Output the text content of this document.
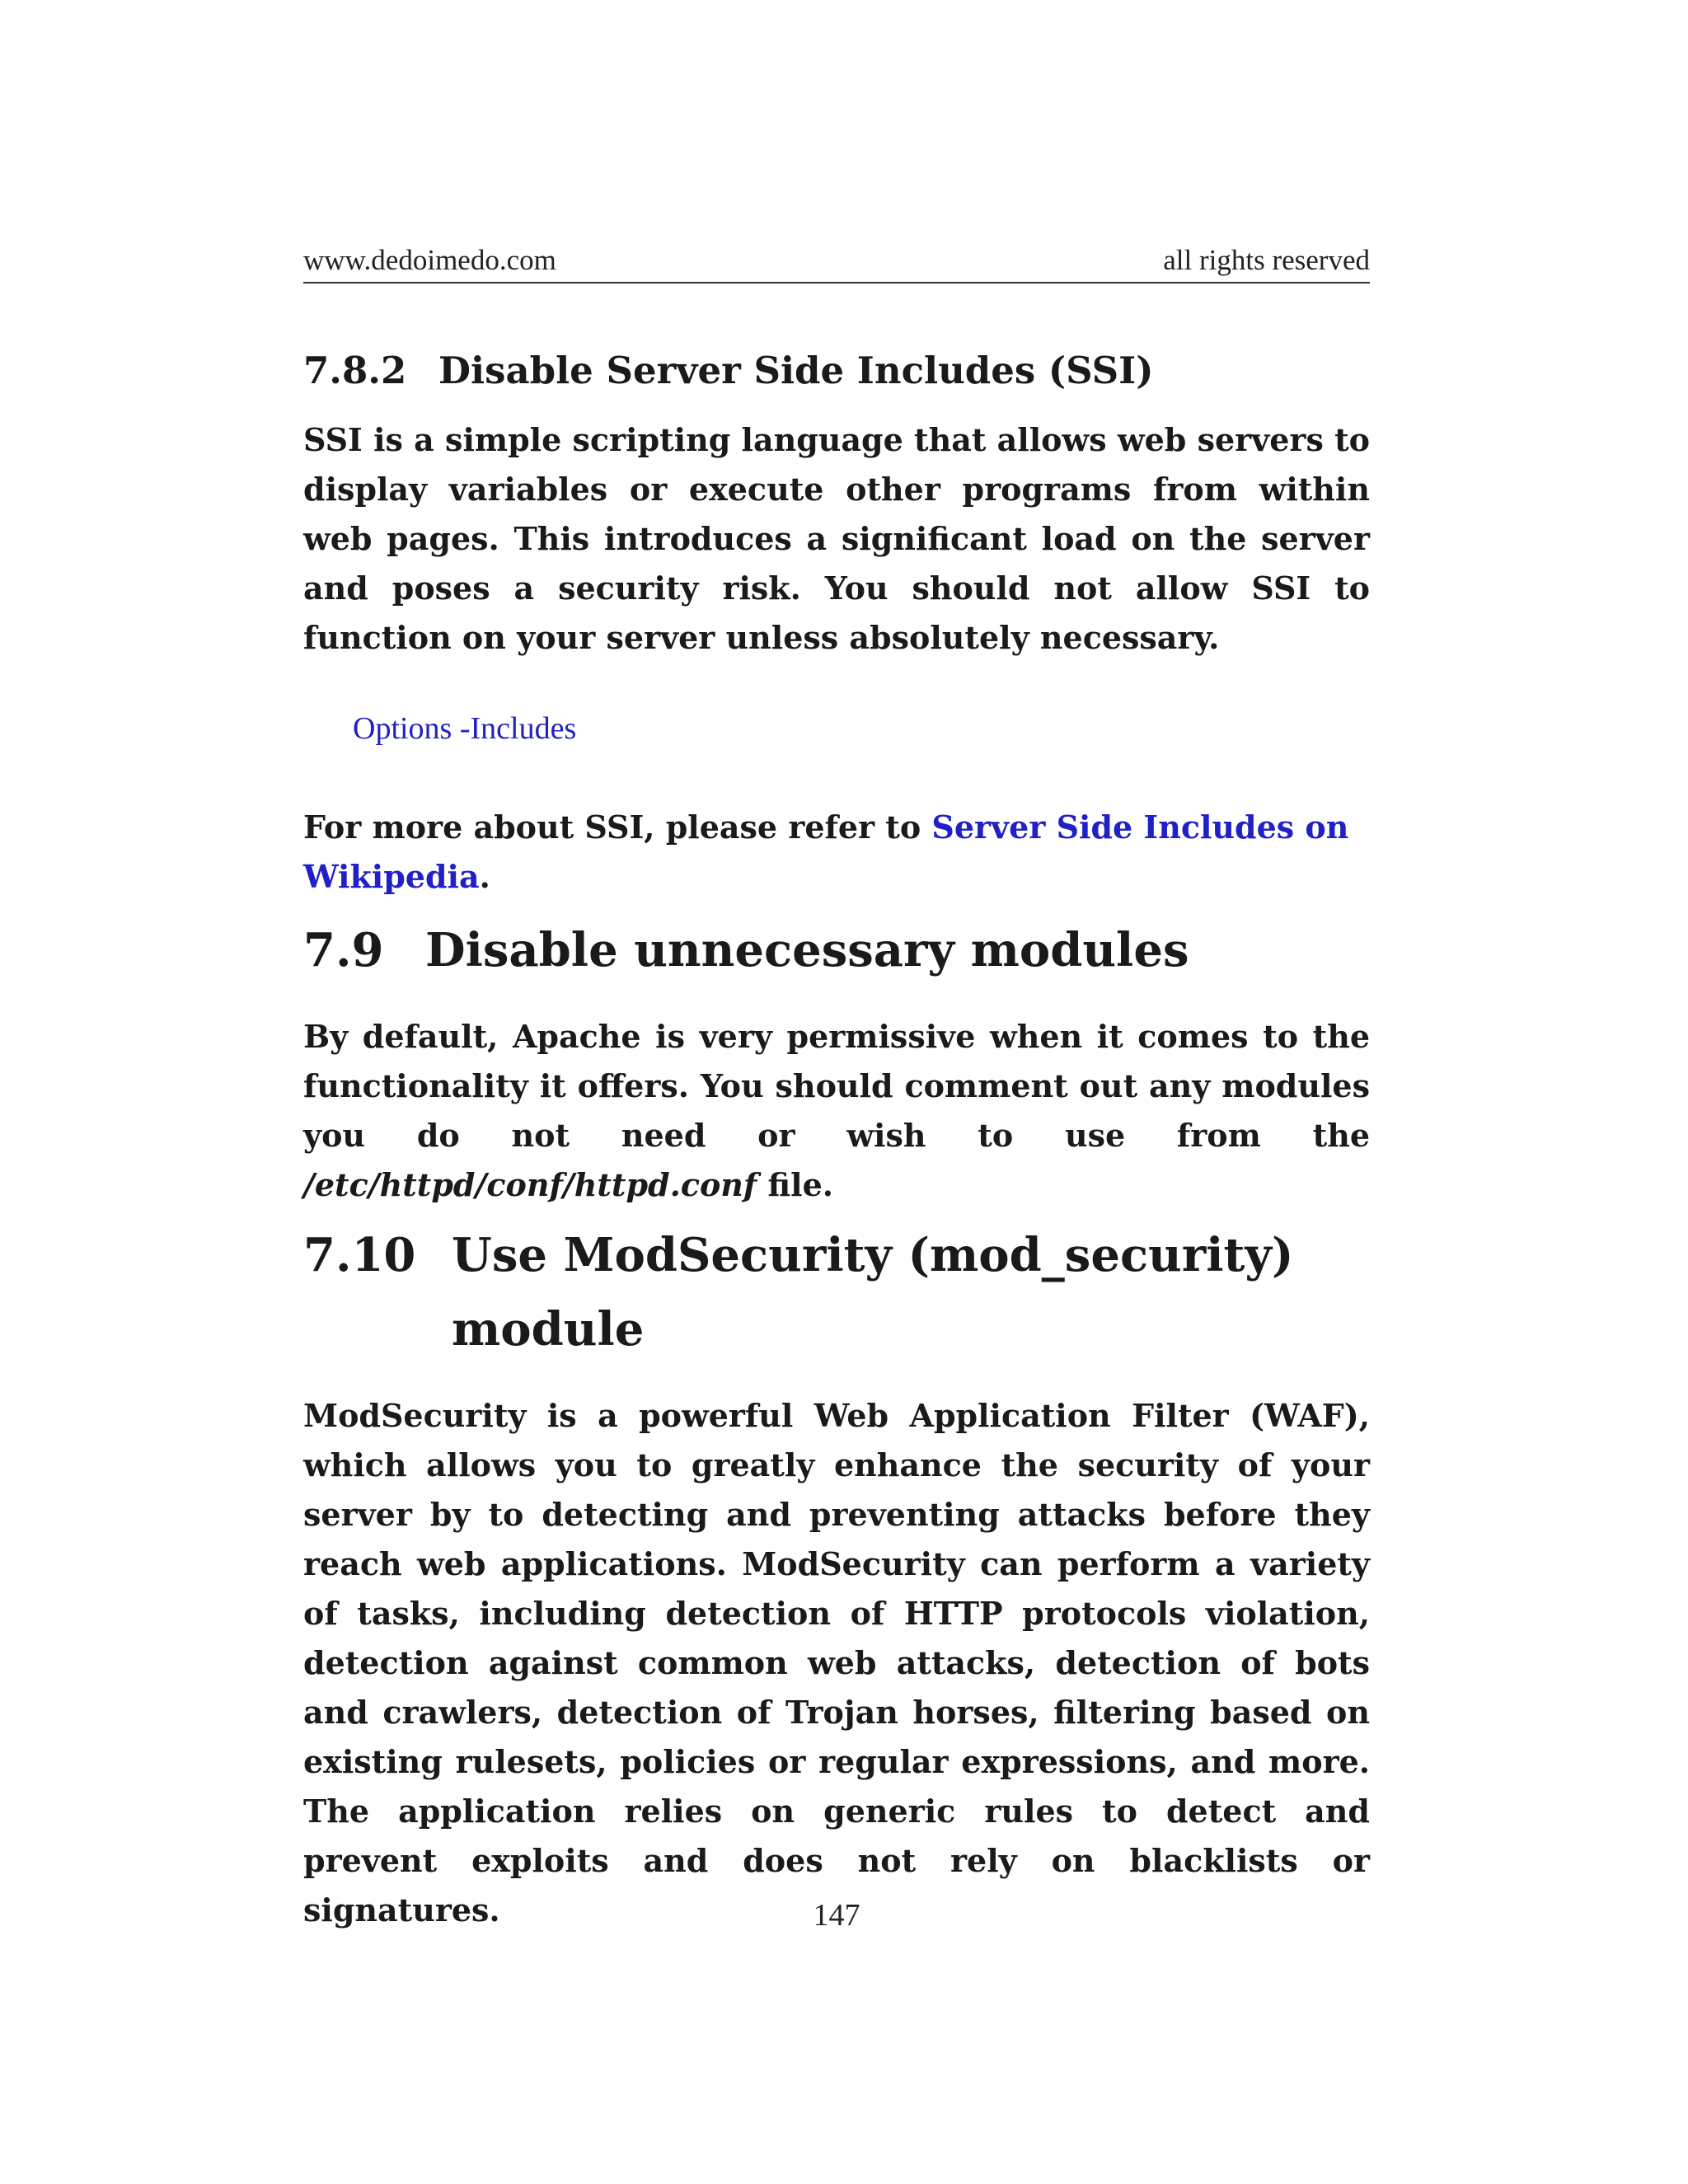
www.dedoimedo.com	all rights reserved
7.8.2 Disable Server Side Includes (SSI)

SSI is a simple scripting language that allows web servers to display variables or execute other programs from within web pages. This introduces a significant load on the server and poses a security risk. You should not allow SSI to function on your server unless absolutely necessary.

Options -Includes

For more about SSI, please refer to Server Side Includes on Wikipedia.

7.9 Disable unnecessary modules

By default, Apache is very permissive when it comes to the functionality it offers. You should comment out any modules you do not need or wish to use from the /etc/httpd/conf/httpd.conf file.

7.10 Use ModSecurity (mod_security) module

ModSecurity is a powerful Web Application Filter (WAF), which allows you to greatly enhance the security of your server by to detecting and preventing attacks before they reach web applications. ModSecurity can perform a variety of tasks, including detection of HTTP protocols violation, detection against common web attacks, detection of bots and crawlers, detection of Trojan horses, filtering based on existing rulesets, policies or regular expressions, and more. The application relies on generic rules to detect and prevent exploits and does not rely on blacklists or signatures.	147
